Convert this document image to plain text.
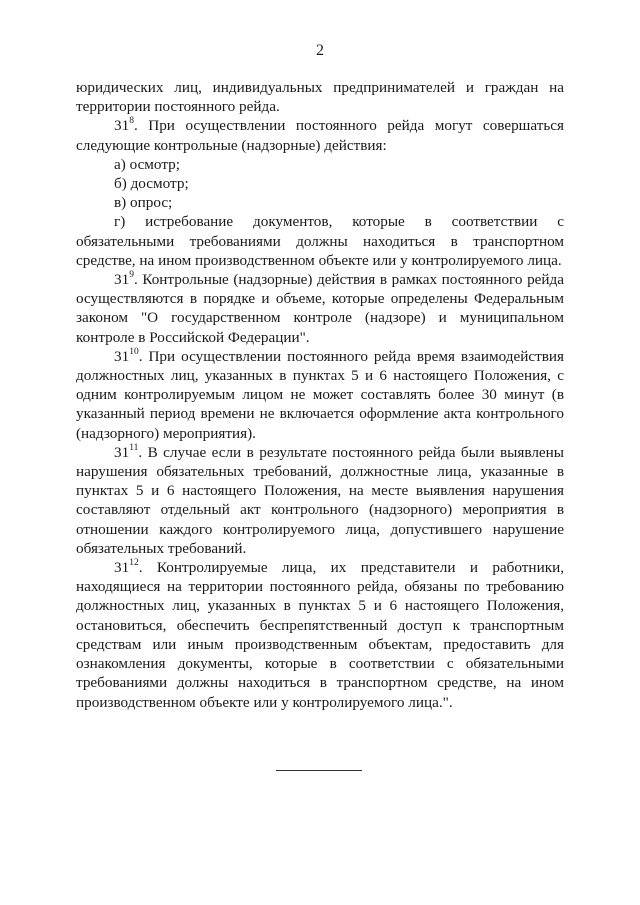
2

юридических лиц, индивидуальных предпринимателей и граждан на территории постоянного рейда.

$31^8$. При осуществлении постоянного рейда могут совершаться следующие контрольные (надзорные) действия:

а) осмотр;

б) досмотр;

в) опрос;

г) истребование документов, которые в соответствии с обязательными требованиями должны находиться в транспортном средстве, на ином производственном объекте или у контролируемого лица.

$31^9$. Контрольные (надзорные) действия в рамках постоянного рейда осуществляются в порядке и объеме, которые определены Федеральным законом "О государственном контроле (надзоре) и муниципальном контроле в Российской Федерации".

$31^{10}$. При осуществлении постоянного рейда время взаимодействия должностных лиц, указанных в пунктах 5 и 6 настоящего Положения, с одним контролируемым лицом не может составлять более 30 минут (в указанный период времени не включается оформление акта контрольного (надзорного) мероприятия).

$31^{11}$. В случае если в результате постоянного рейда были выявлены нарушения обязательных требований, должностные лица, указанные в пунктах 5 и 6 настоящего Положения, на месте выявления нарушения составляют отдельный акт контрольного (надзорного) мероприятия в отношении каждого контролируемого лица, допустившего нарушение обязательных требований.

$31^{12}$. Контролируемые лица, их представители и работники, находящиеся на территории постоянного рейда, обязаны по требованию должностных лиц, указанных в пунктах 5 и 6 настоящего Положения, остановиться, обеспечить беспрепятственный доступ к транспортным средствам или иным производственным объектам, предоставить для ознакомления документы, которые в соответствии с обязательными требованиями должны находиться в транспортном средстве, на ином производственном объекте или у контролируемого лица.".
